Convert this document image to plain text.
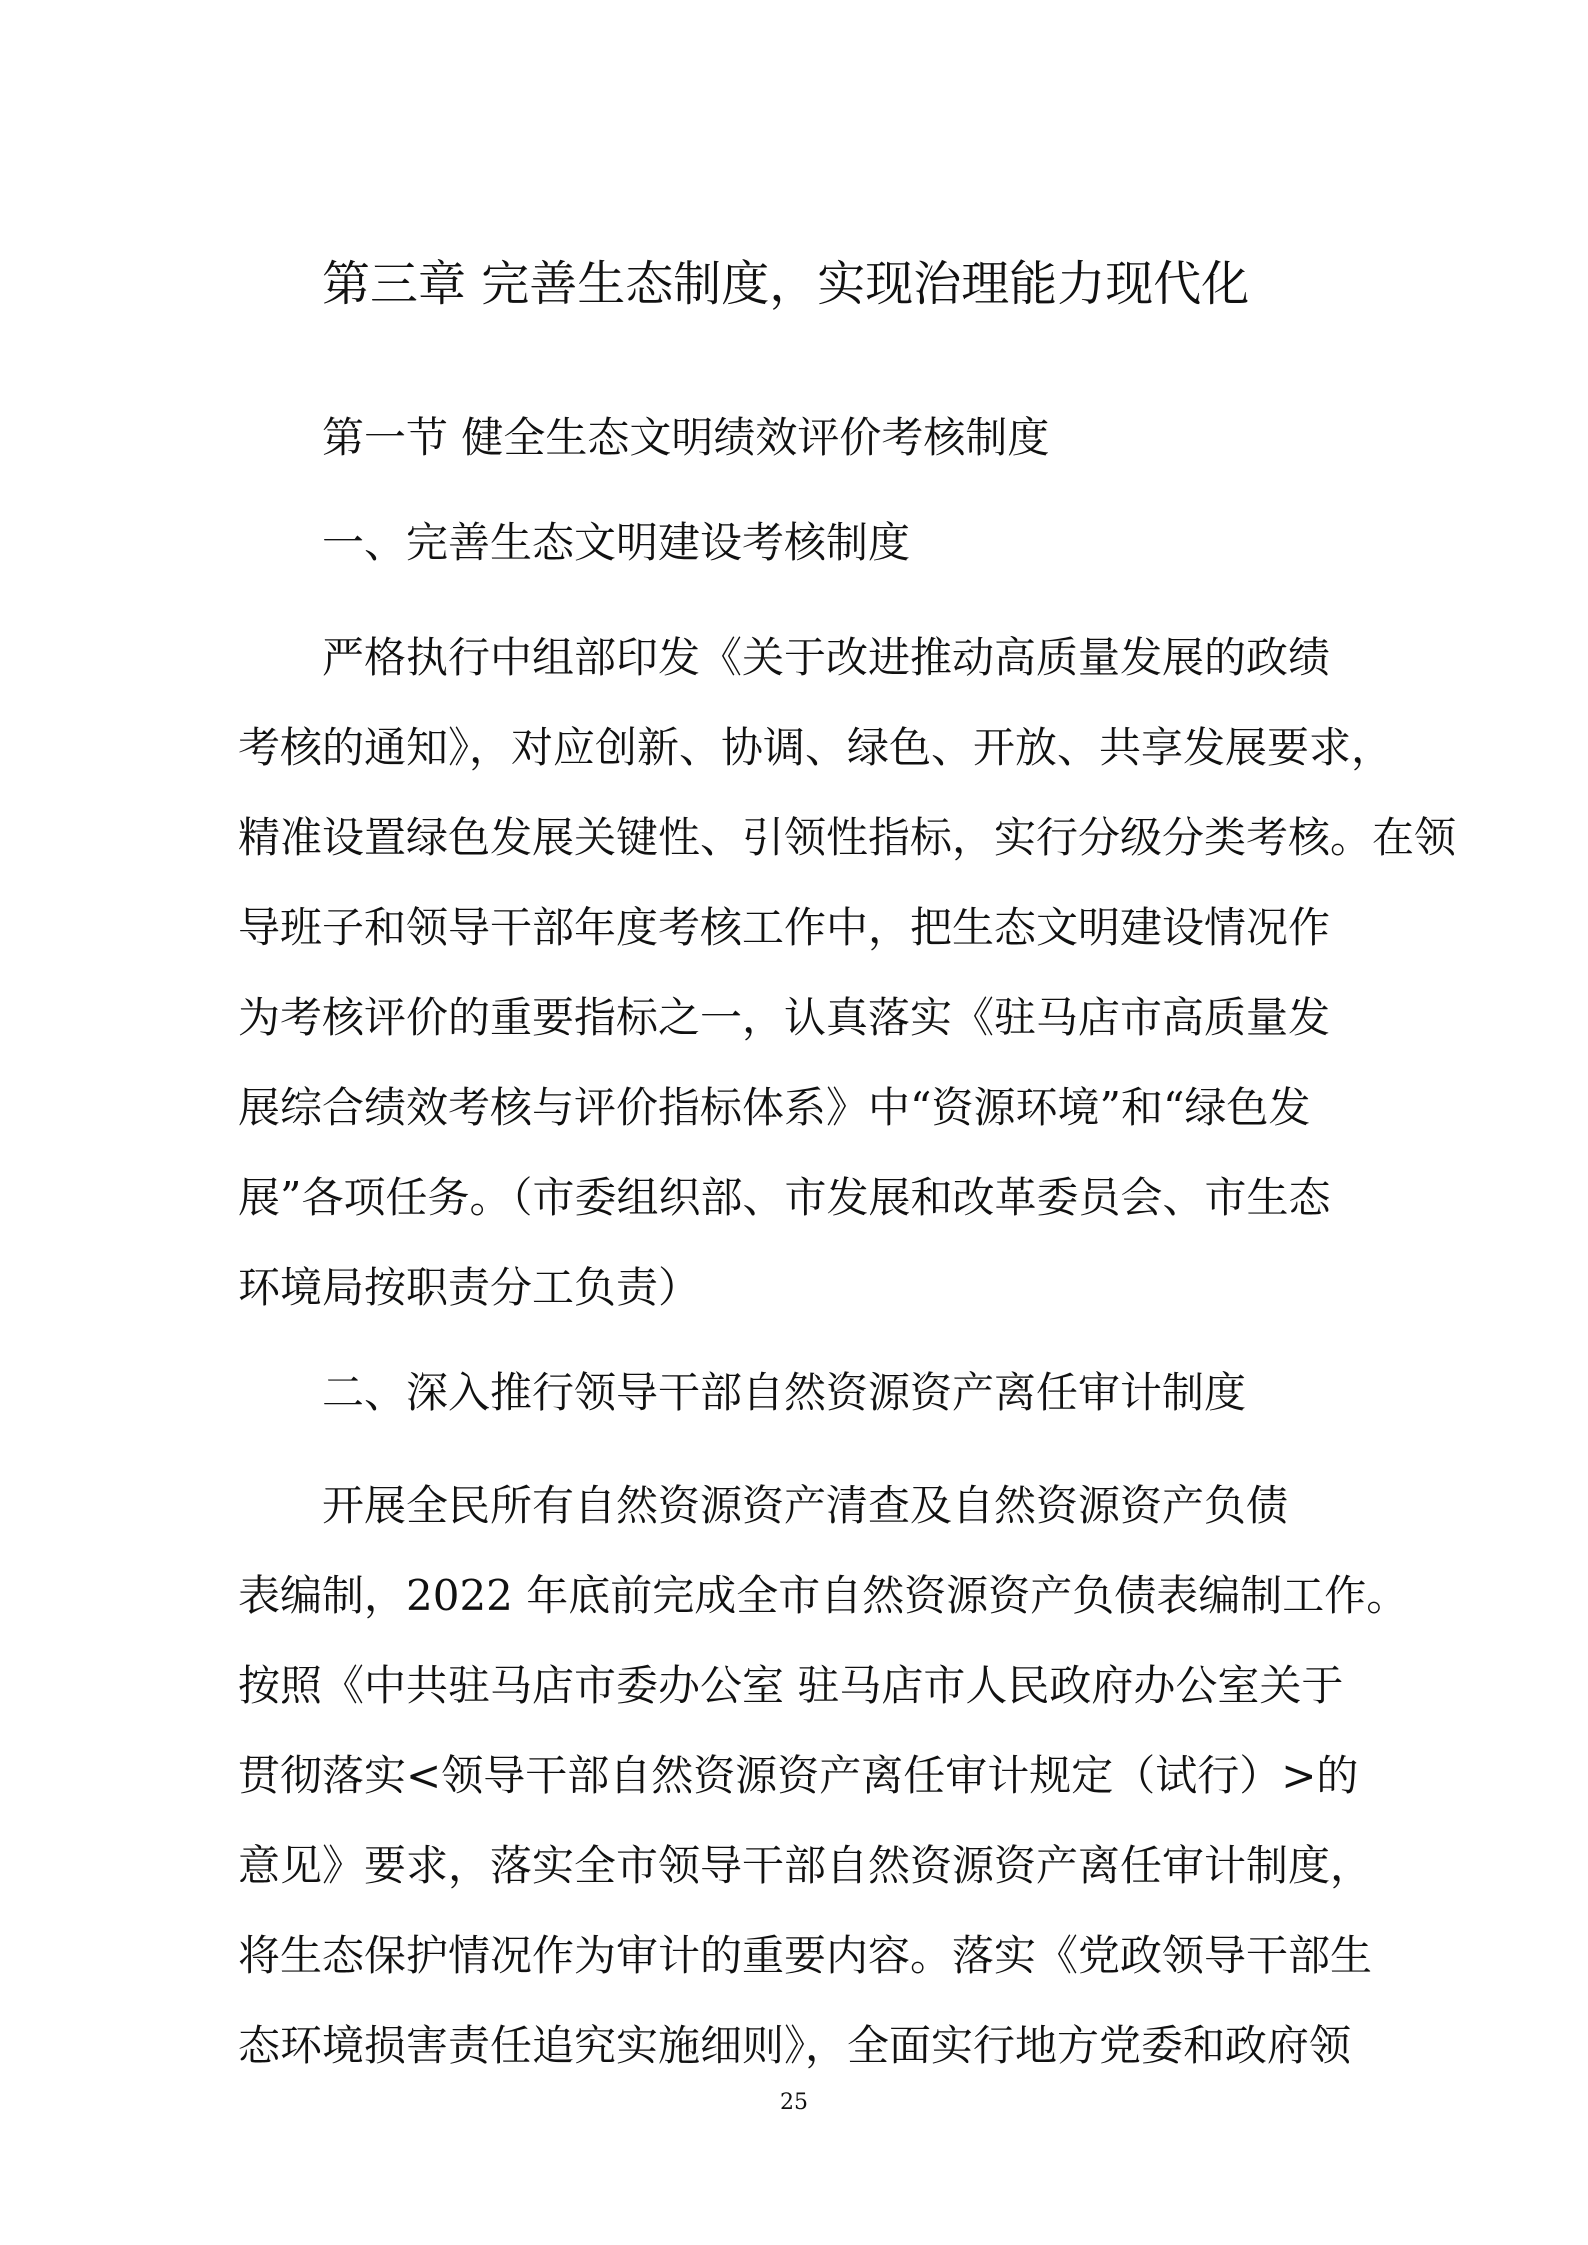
第三章 完善生态制度，实现治理能力现代化
第一节 健全生态文明绩效评价考核制度
一、完善生态文明建设考核制度

严格执行中组部印发《关于改进推动高质量发展的政绩

考核的通知》，对应创新、协调、绿色、开放、共享发展要求，

精准设置绿色发展关键性、引领性指标，实行分级分类考核。在领

导班子和领导干部年度考核工作中，把生态文明建设情况作

为考核评价的重要指标之一，认真落实《驻马店市高质量发

展综合绩效考核与评价指标体系》中“资源环境”和“绿色发

展”各项任务。（市委组织部、市发展和改革委员会、市生态

环境局按职责分工负责）

二、深入推行领导干部自然资源资产离任审计制度

开展全民所有自然资源资产清查及自然资源资产负债

表编制，2022 年底前完成全市自然资源资产负债表编制工作。

按照《中共驻马店市委办公室 驻马店市人民政府办公室关于

贯彻落实<领导干部自然资源资产离任审计规定（试行）>的

意见》要求，落实全市领导干部自然资源资产离任审计制度，

将生态保护情况作为审计的重要内容。落实《党政领导干部生

态环境损害责任追究实施细则》，全面实行地方党委和政府领

25
